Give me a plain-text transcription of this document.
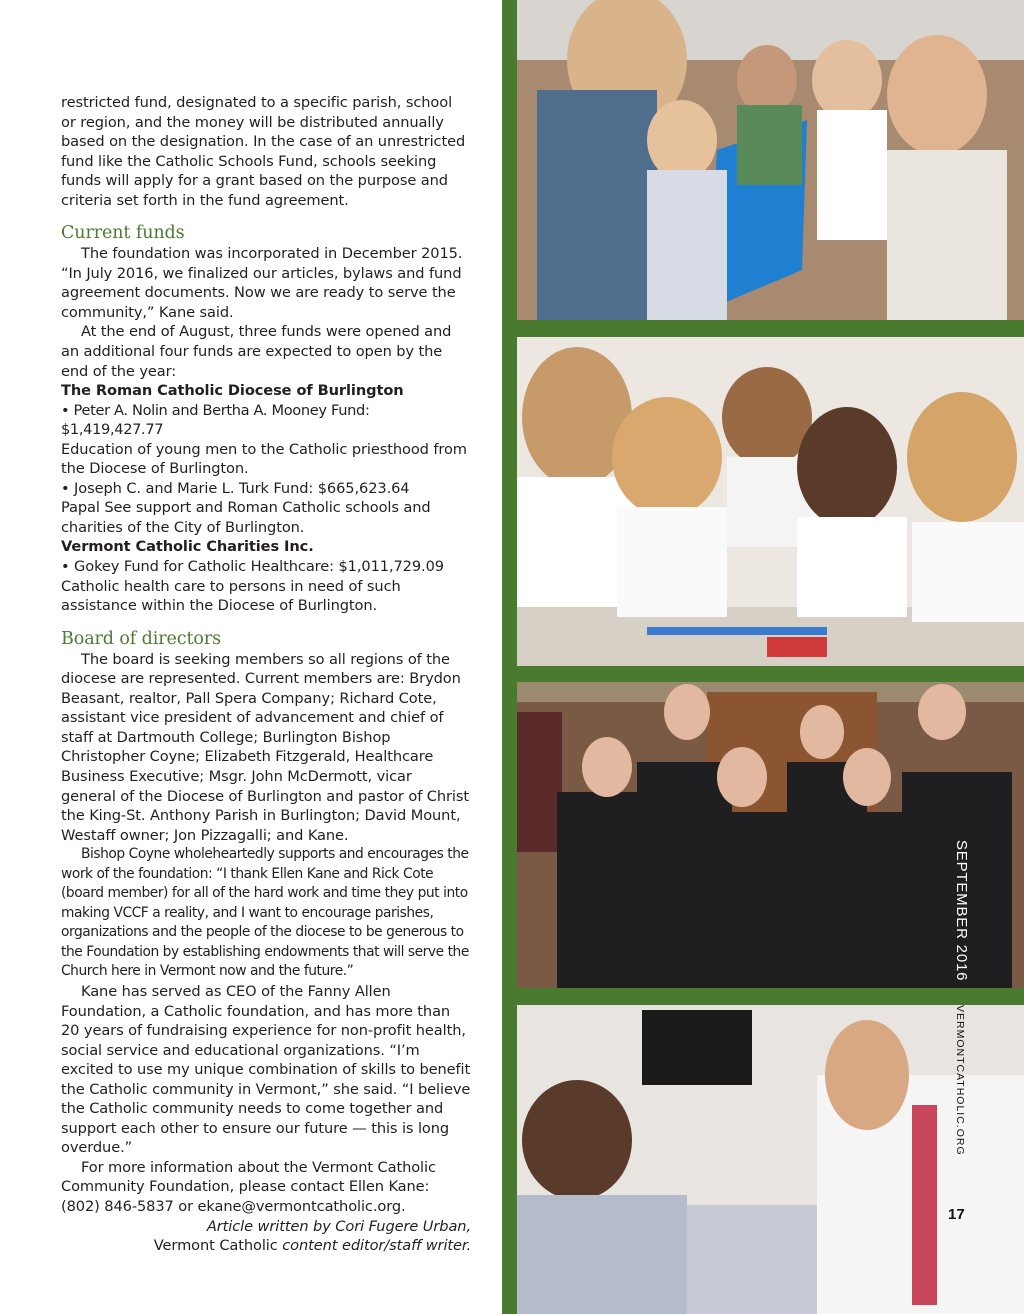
restricted fund, designated to a specific parish, school or region, and the money will be distributed annually based on the designation. In the case of an unrestricted fund like the Catholic Schools Fund, schools seeking funds will apply for a grant based on the purpose and criteria set forth in the fund agreement.

Current funds

The foundation was incorporated in December 2015. “In July 2016, we finalized our articles, bylaws and fund agreement documents. Now we are ready to serve the community,” Kane said.

At the end of August, three funds were opened and an additional four funds are expected to open by the end of the year:

The Roman Catholic Diocese of Burlington

• Peter A. Nolin and Bertha A. Mooney Fund: $1,419,427.77

Education of young men to the Catholic priesthood from the Diocese of Burlington.

• Joseph C. and Marie L. Turk Fund: $665,623.64

Papal See support and Roman Catholic schools and charities of the City of Burlington.

Vermont Catholic Charities Inc.

• Gokey Fund for Catholic Healthcare: $1,011,729.09

Catholic health care to persons in need of such assistance within the Diocese of Burlington.

Board of directors

The board is seeking members so all regions of the diocese are represented. Current members are: Brydon Beasant, realtor, Pall Spera Company; Richard Cote, assistant vice president of advancement and chief of staff at Dartmouth College; Burlington Bishop Christopher Coyne; Elizabeth Fitzgerald, Healthcare Business Executive; Msgr. John McDermott, vicar general of the Diocese of Burlington and pastor of Christ the King-St. Anthony Parish in Burlington; David Mount, Westaff owner; Jon Pizzagalli; and Kane.

Bishop Coyne wholeheartedly supports and encourages the work of the foundation: “I thank Ellen Kane and Rick Cote (board member) for all of the hard work and time they put into making VCCF a reality, and I want to encourage parishes, organizations and the people of the diocese to be generous to the Foundation by establishing endowments that will serve the Church here in Vermont now and the future.”

Kane has served as CEO of the Fanny Allen Foundation, a Catholic foundation, and has more than 20 years of fundraising experience for non-profit health, social service and educational organizations. “I’m excited to use my unique combination of skills to benefit the Catholic community in Vermont,” she said. “I believe the Catholic community needs to come together and support each other to ensure our future — this is long overdue.”

For more information about the Vermont Catholic Community Foundation, please contact Ellen Kane: (802) 846-5837 or ekane@vermontcatholic.org.

Article written by Cori Fugere Urban,

Vermont Catholic content editor/staff writer.

SEPTEMBER 2016
VERMONTCATHOLIC.ORG
17
